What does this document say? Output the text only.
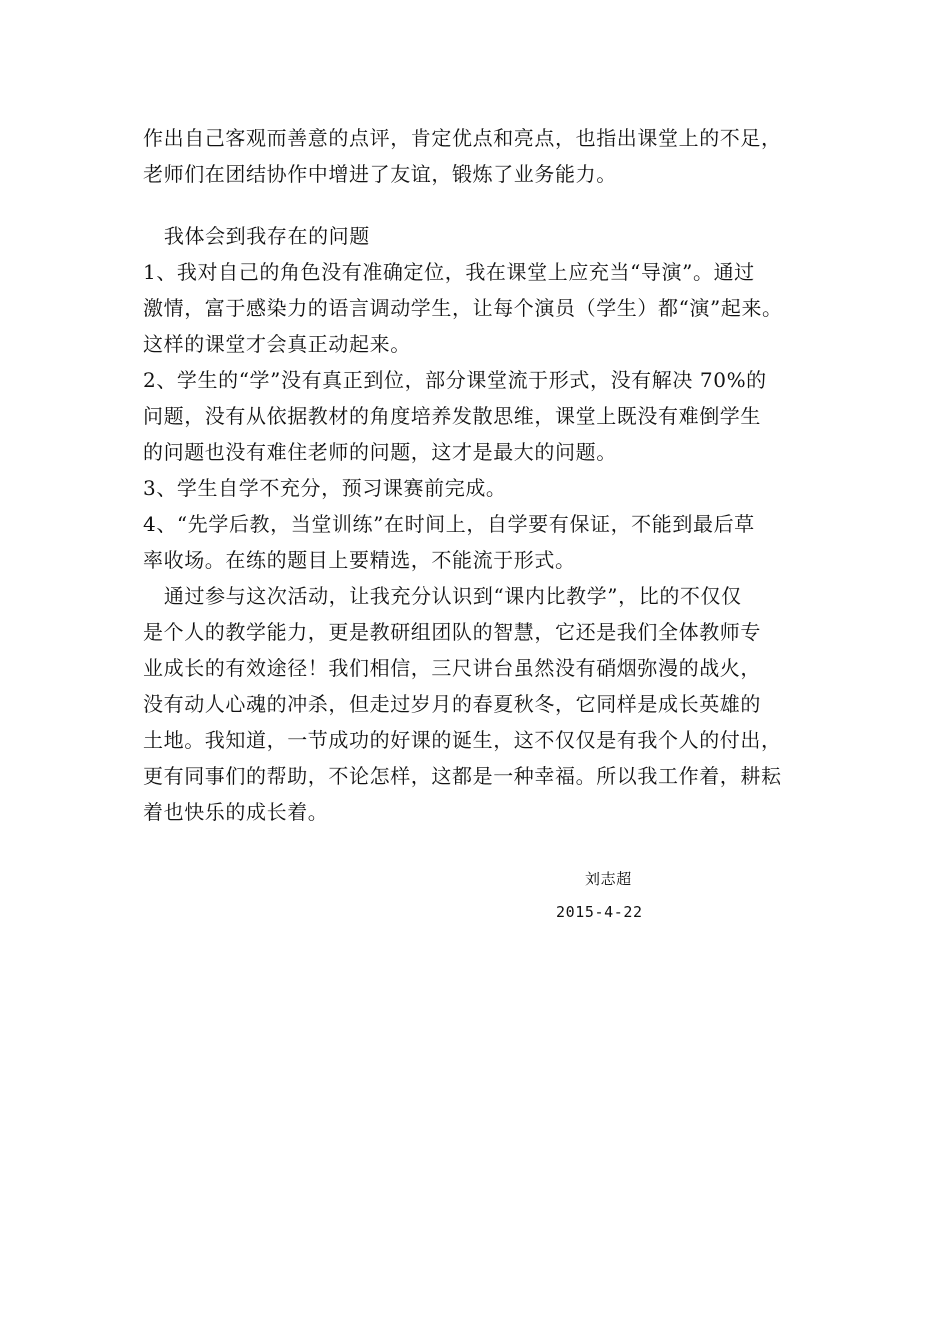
作出自己客观而善意的点评，肯定优点和亮点，也指出课堂上的不足，
老师们在团结协作中增进了友谊，锻炼了业务能力。
我体会到我存在的问题
1、我对自己的角色没有准确定位，我在课堂上应充当“导演”。通过
激情，富于感染力的语言调动学生，让每个演员（学生）都“演”起来。
这样的课堂才会真正动起来。
2、学生的“学”没有真正到位，部分课堂流于形式，没有解决 70%的
问题，没有从依据教材的角度培养发散思维，课堂上既没有难倒学生
的问题也没有难住老师的问题，这才是最大的问题。
3、学生自学不充分，预习课赛前完成。
4、“先学后教，当堂训练”在时间上，自学要有保证，不能到最后草
率收场。在练的题目上要精选，不能流于形式。
通过参与这次活动，让我充分认识到“课内比教学”，比的不仅仅
是个人的教学能力，更是教研组团队的智慧，它还是我们全体教师专
业成长的有效途径！我们相信，三尺讲台虽然没有硝烟弥漫的战火，
没有动人心魂的冲杀，但走过岁月的春夏秋冬，它同样是成长英雄的
土地。我知道，一节成功的好课的诞生，这不仅仅是有我个人的付出，
更有同事们的帮助，不论怎样，这都是一种幸福。所以我工作着，耕耘
着也快乐的成长着。
刘志超
2015-4-22
